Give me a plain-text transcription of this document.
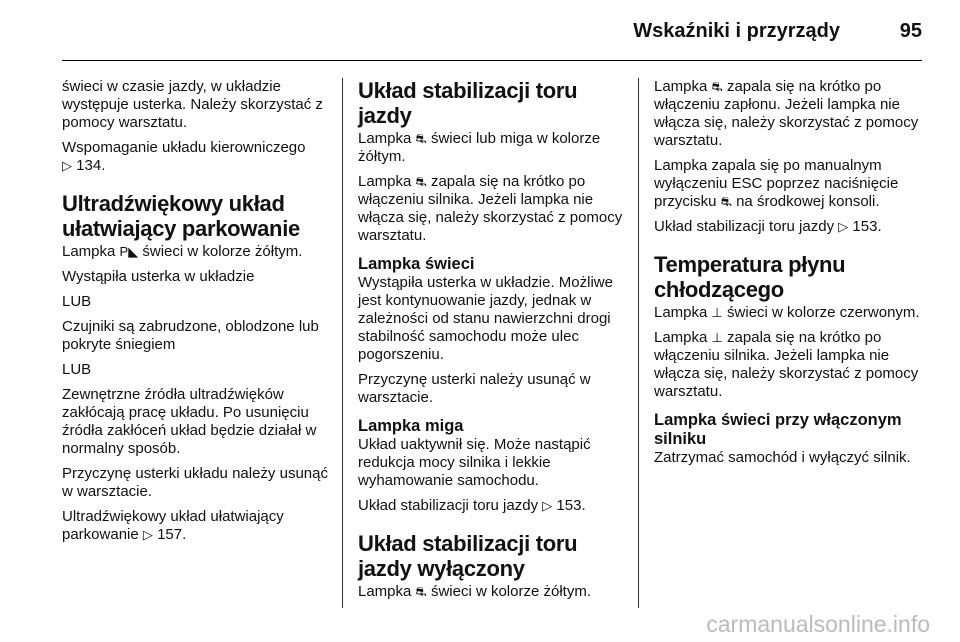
Wskaźniki i przyrządy	95

świeci w czasie jazdy, w układzie występuje usterka. Należy skorzystać z pomocy warsztatu.

Wspomaganie układu kierowniczego
▷ 134.

Ultradźwiękowy układ ułatwiający parkowanie

Lampka P◣ świeci w kolorze żółtym.

Wystąpiła usterka w układzie

LUB

Czujniki są zabrudzone, oblodzone lub pokryte śniegiem

LUB

Zewnętrzne źródła ultradźwięków zakłócają pracę układu. Po usunięciu źródła zakłóceń układ będzie działał w normalny sposób.

Przyczynę usterki układu należy usunąć w warsztacie.

Ultradźwiękowy układ ułatwiający parkowanie ▷ 157.

Układ stabilizacji toru jazdy

Lampka ⛐ świeci lub miga w kolorze żółtym.

Lampka ⛐ zapala się na krótko po włączeniu silnika. Jeżeli lampka nie włącza się, należy skorzystać z pomocy warsztatu.

Lampka świeci

Wystąpiła usterka w układzie. Możliwe jest kontynuowanie jazdy, jednak w zależności od stanu nawierzchni drogi stabilność samochodu może ulec pogorszeniu.

Przyczynę usterki należy usunąć w warsztacie.

Lampka miga

Układ uaktywnił się. Może nastąpić redukcja mocy silnika i lekkie wyhamowanie samochodu.

Układ stabilizacji toru jazdy ▷ 153.

Układ stabilizacji toru jazdy wyłączony

Lampka ⛐ świeci w kolorze żółtym.

Lampka ⛐ zapala się na krótko po włączeniu zapłonu. Jeżeli lampka nie włącza się, należy skorzystać z pomocy warsztatu.

Lampka zapala się po manualnym wyłączeniu ESC poprzez naciśnięcie przycisku ⛐ na środkowej konsoli.

Układ stabilizacji toru jazdy ▷ 153.

Temperatura płynu chłodzącego

Lampka ⊥ świeci w kolorze czerwonym.

Lampka ⊥ zapala się na krótko po włączeniu silnika. Jeżeli lampka nie włącza się, należy skorzystać z pomocy warsztatu.

Lampka świeci przy włączonym silniku

Zatrzymać samochód i wyłączyć silnik.

carmanualsonline.info
